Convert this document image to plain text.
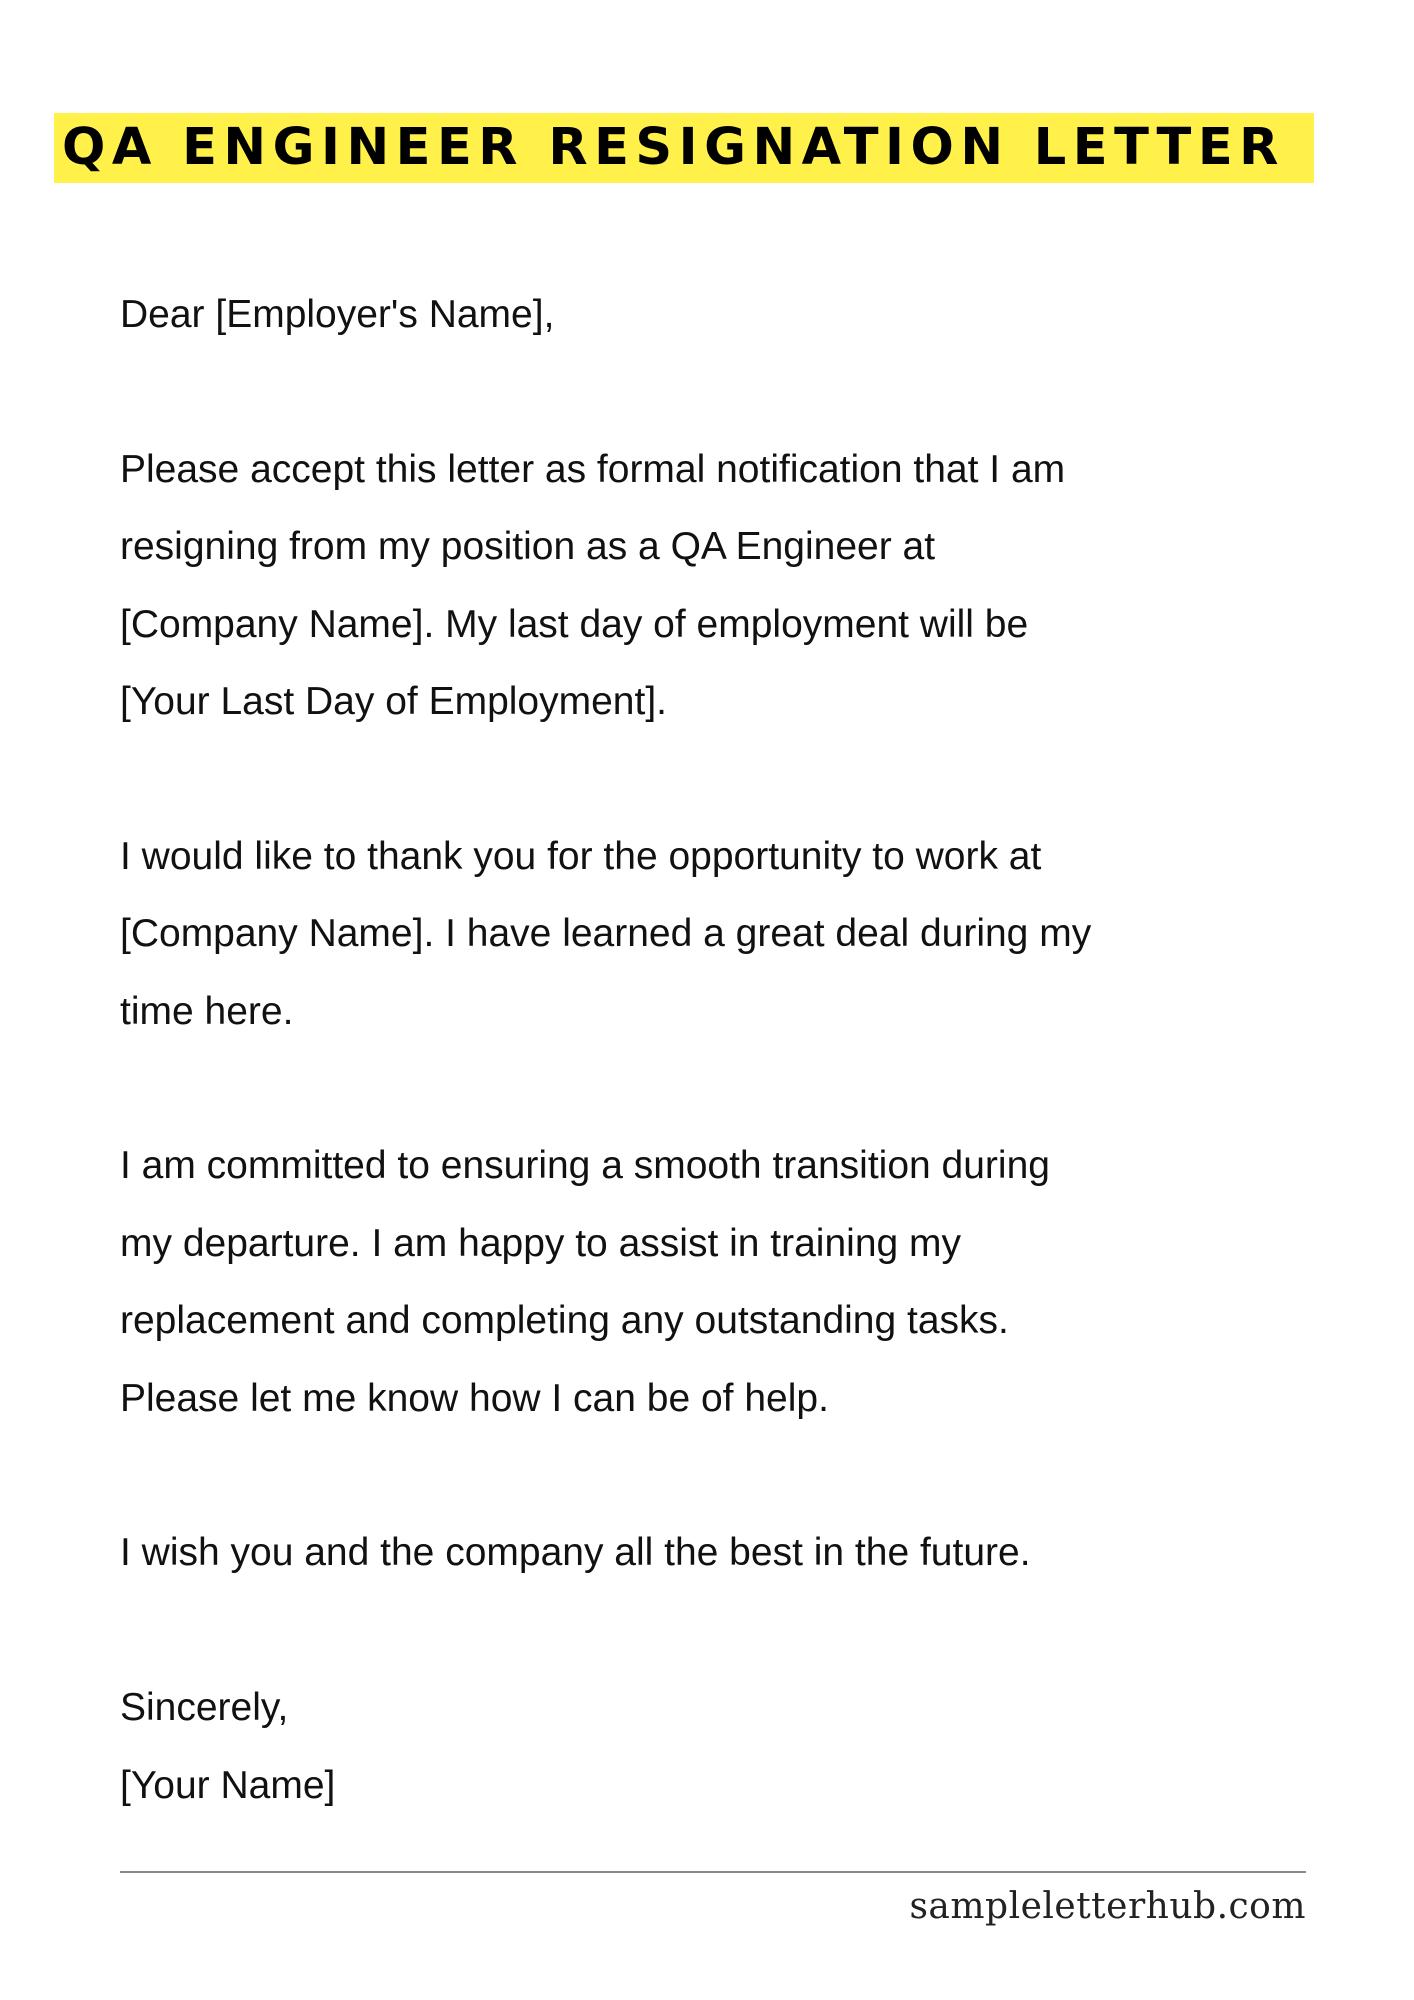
QA ENGINEER RESIGNATION LETTER

Dear [Employer's Name],

Please accept this letter as formal notification that I am
resigning from my position as a QA Engineer at
[Company Name]. My last day of employment will be
[Your Last Day of Employment].

I would like to thank you for the opportunity to work at
[Company Name]. I have learned a great deal during my
time here.

I am committed to ensuring a smooth transition during
my departure. I am happy to assist in training my
replacement and completing any outstanding tasks.
Please let me know how I can be of help.

I wish you and the company all the best in the future.

Sincerely,

[Your Name]

sampleletterhub.com
